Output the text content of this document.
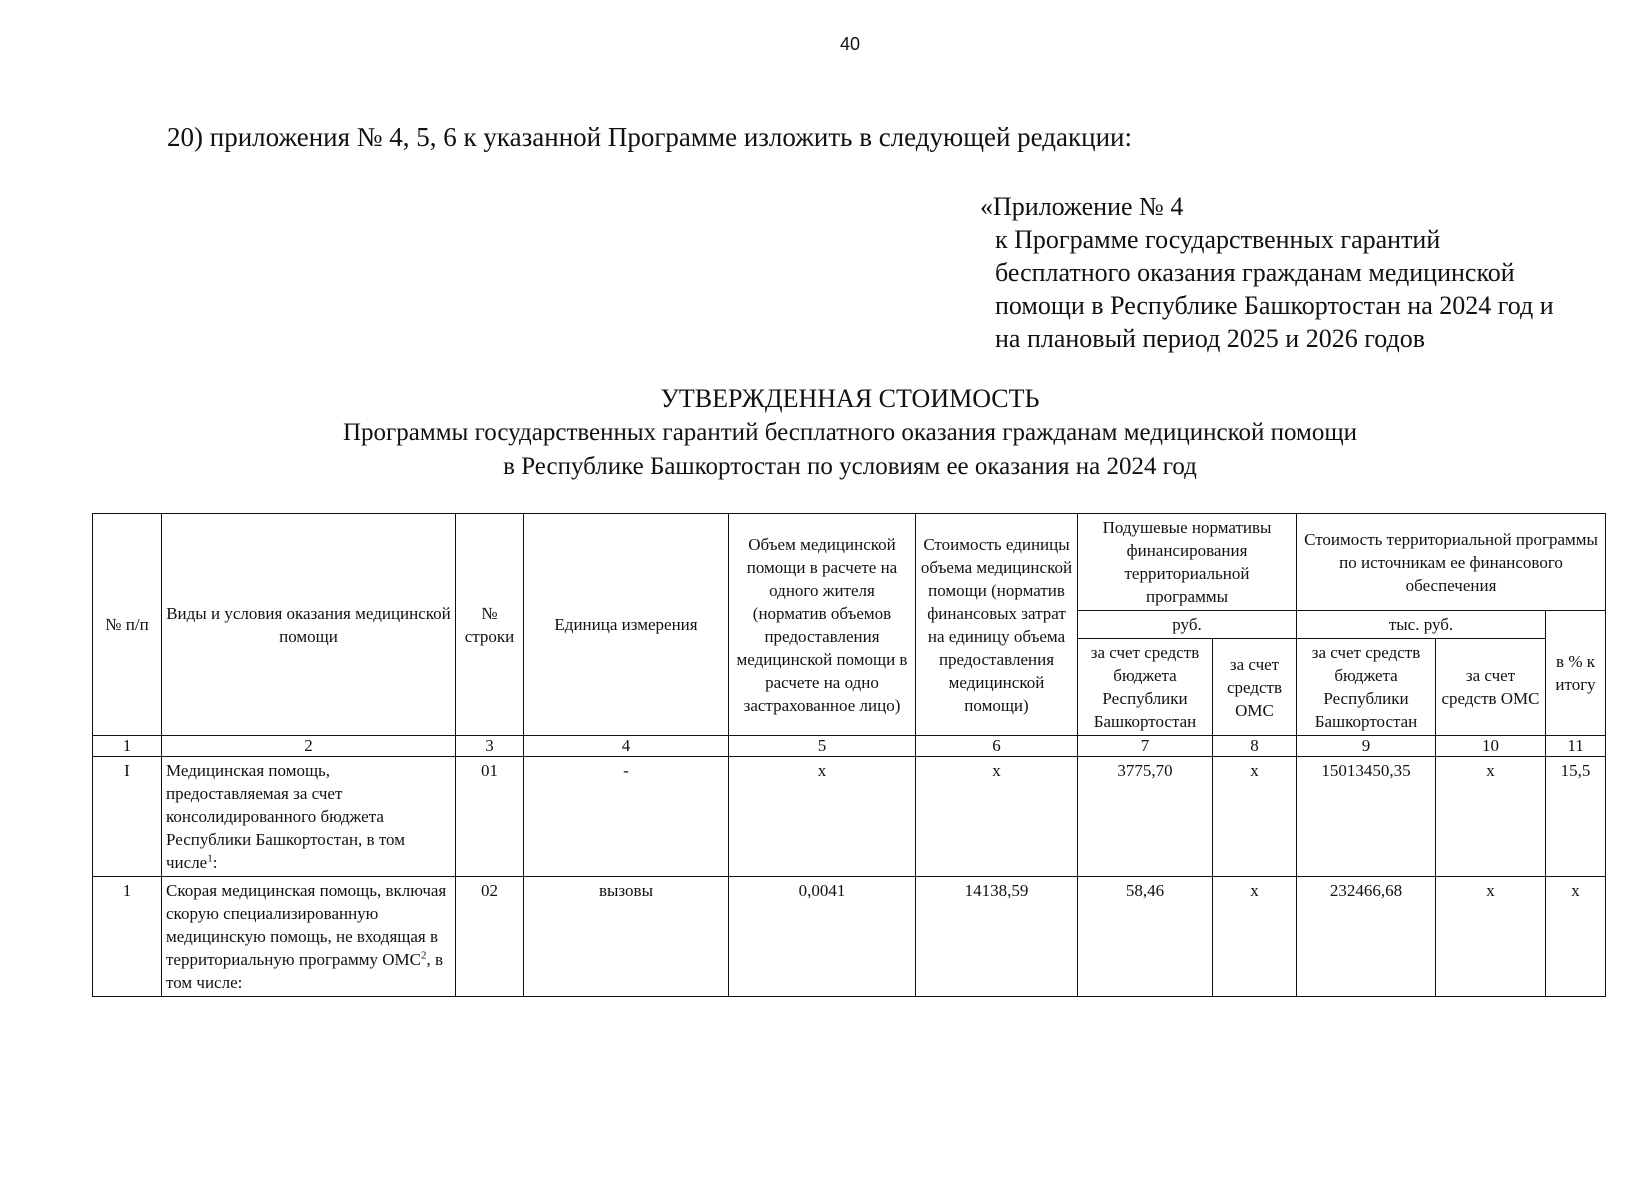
40
20) приложения № 4, 5, 6 к указанной Программе изложить в следующей редакции:
«Приложение № 4
к Программе государственных гарантий
бесплатного оказания гражданам медицинской
помощи в Республике Башкортостан на 2024 год и
на плановый период 2025 и 2026 годов
УТВЕРЖДЕННАЯ СТОИМОСТЬ
Программы государственных гарантий бесплатного оказания гражданам медицинской помощи
в Республике Башкортостан по условиям ее оказания на 2024 год
№ п/п	Виды и условия оказания медицинской помощи	№ строки	Единица измерения	Объем медицинской помощи в расчете на одного жителя (норматив объемов предоставления медицинской помощи в расчете на одно застрахованное лицо)	Стоимость единицы объема медицинской помощи (норматив финансовых затрат на единицу объема предоставления медицинской помощи)	Подушевые нормативы финансирования территориальной программы		Стоимость территориальной программы по источникам ее финансового обеспечения		
						руб.		тыс. руб.		в % к итогу
						за счет средств бюджета Республики Башкортостан	за счет средств ОМС	за счет средств бюджета Республики Башкортостан	за счет средств ОМС	
1	2	3	4	5	6	7	8	9	10	11
I	Медицинская помощь, предоставляемая за счет консолидированного бюджета Республики Башкортостан, в том числе$^1$:	01	-	х	х	3775,70	х	15013450,35	х	15,5
1	Скорая медицинская помощь, включая скорую специализированную медицинскую помощь, не входящая в территориальную программу ОМС$^2$, в том числе:	02	вызовы	0,0041	14138,59	58,46	х	232466,68	х	х
